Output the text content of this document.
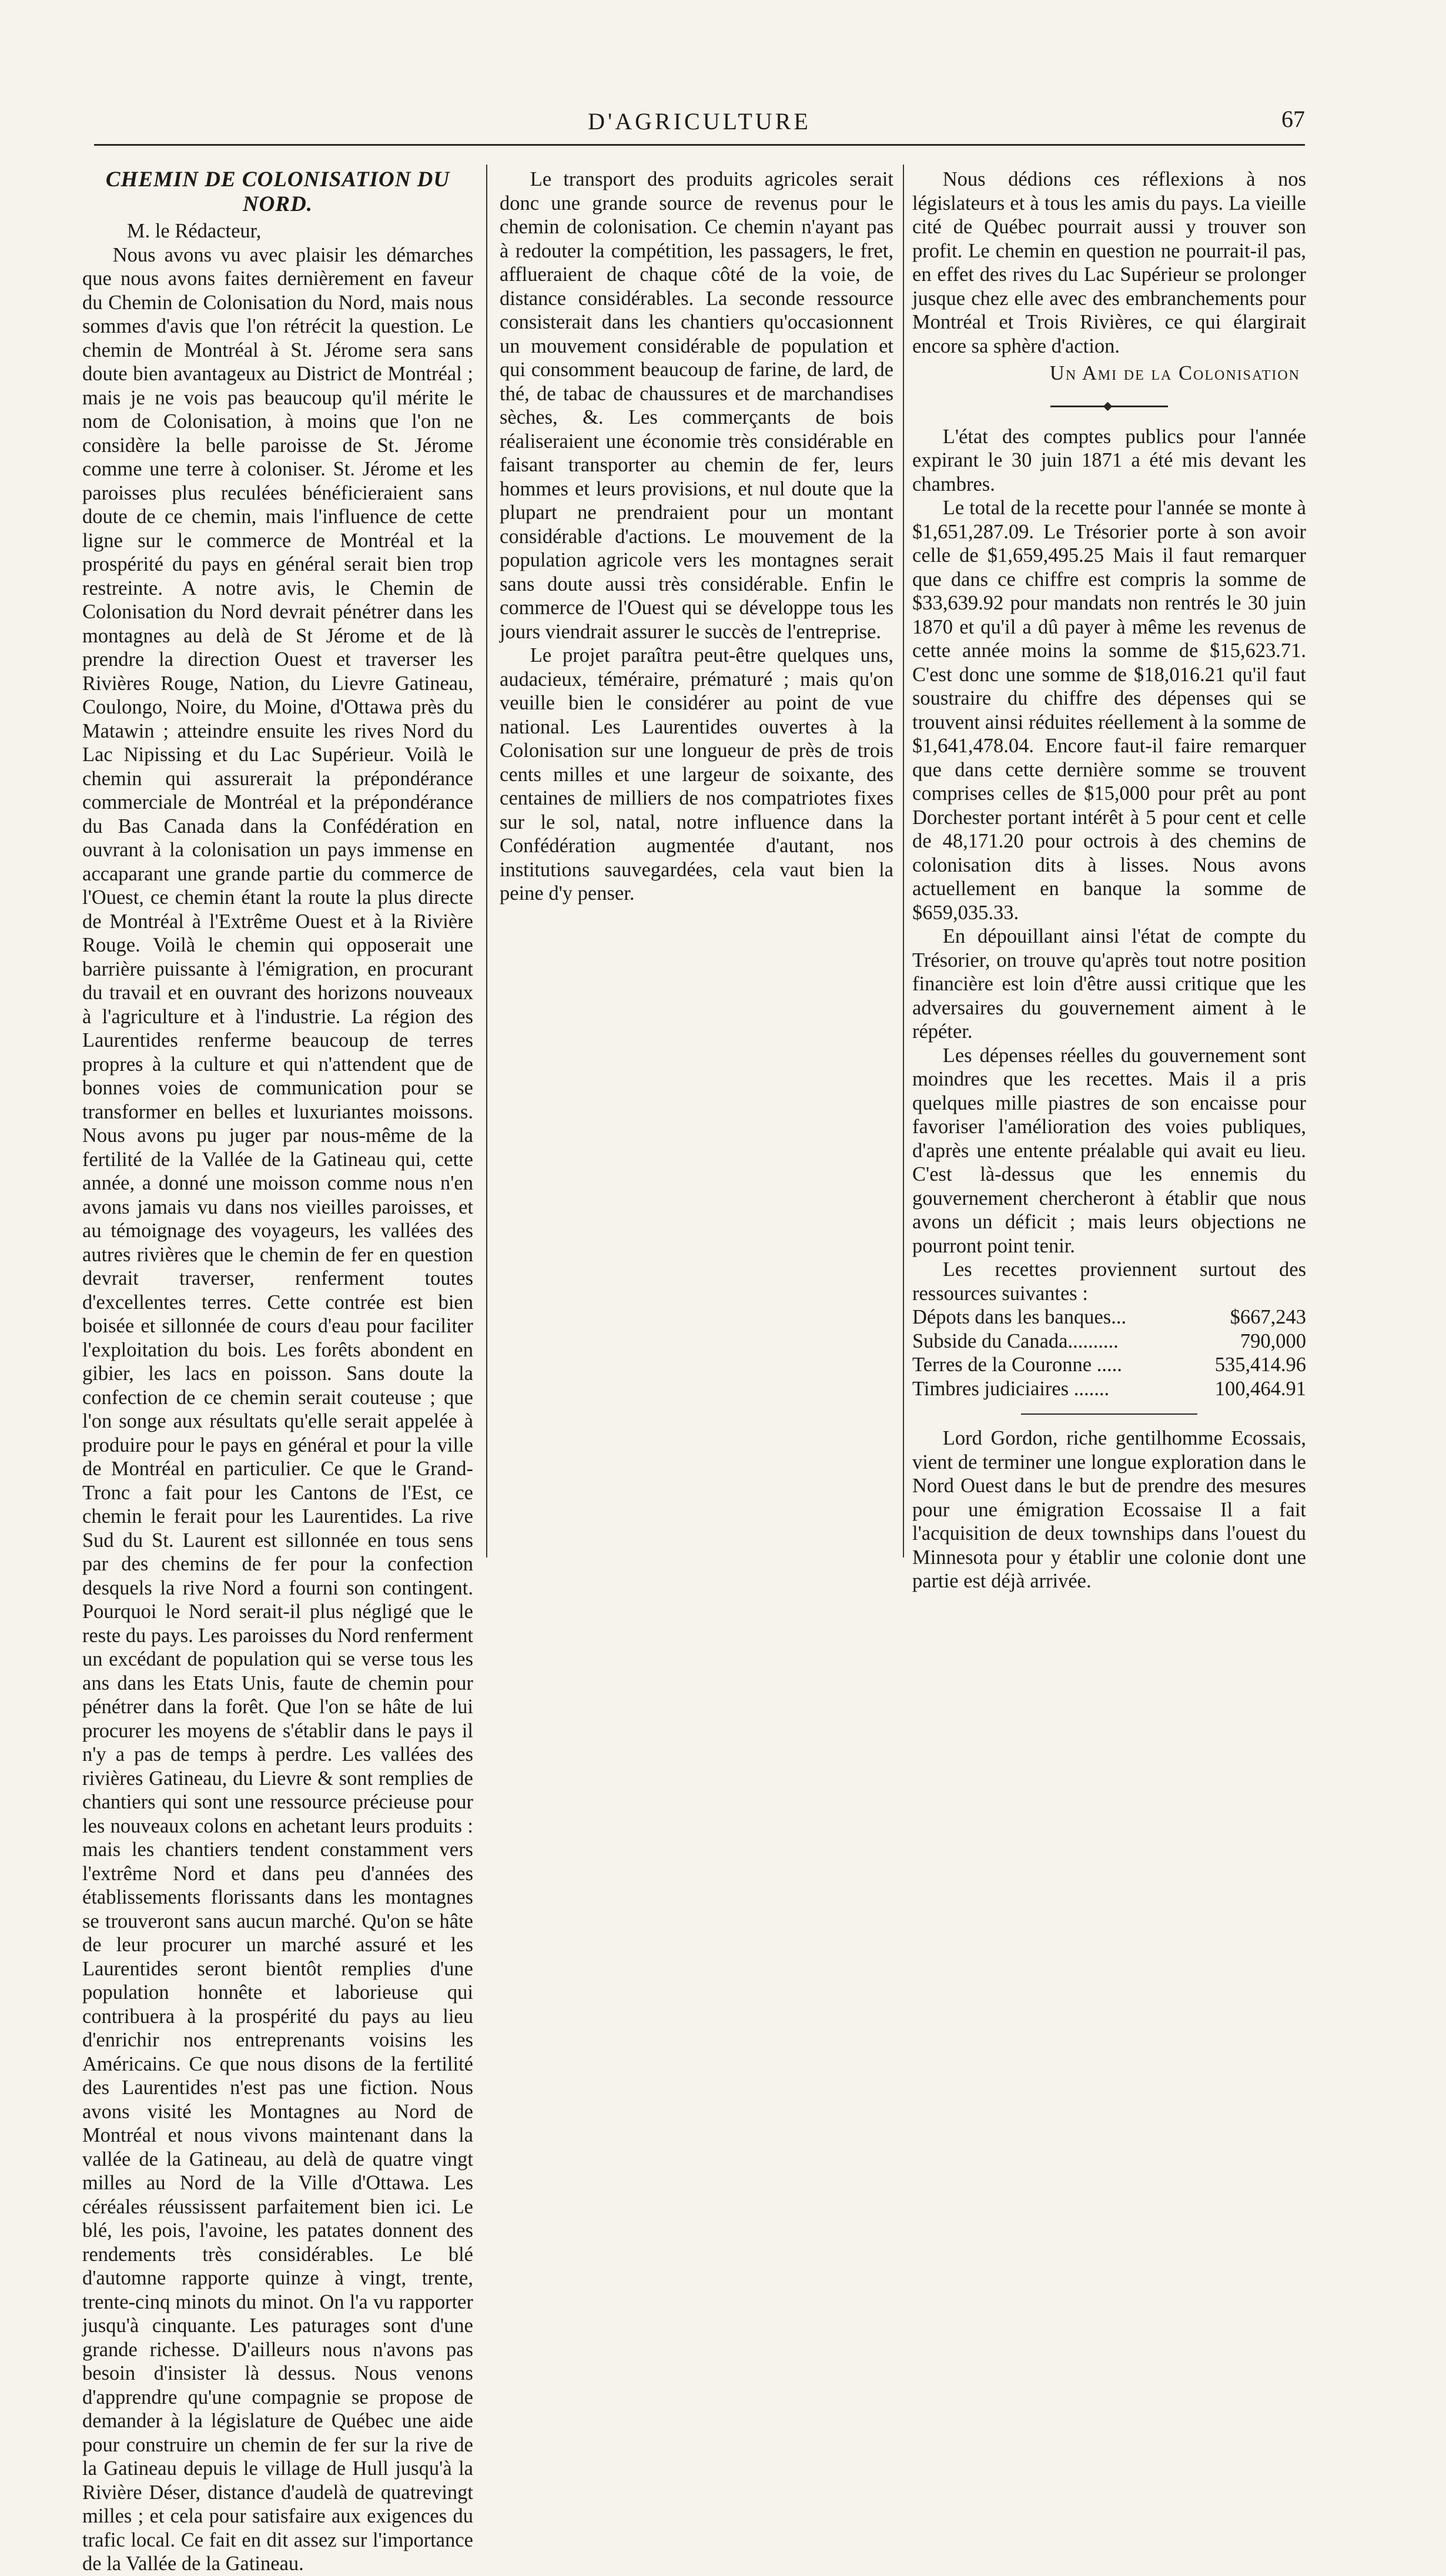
D'AGRICULTURE	67
CHEMIN DE COLONISATION DU NORD.

M. le Rédacteur,

Nous avons vu avec plaisir les démarches que nous avons faites dernièrement en faveur du Chemin de Colonisation du Nord, mais nous sommes d'avis que l'on rétrécit la question. Le chemin de Montréal à St. Jérome sera sans doute bien avantageux au District de Montréal ; mais je ne vois pas beaucoup qu'il mérite le nom de Colonisation, à moins que l'on ne considère la belle paroisse de St. Jérome comme une terre à coloniser. St. Jérome et les paroisses plus reculées bénéficieraient sans doute de ce chemin, mais l'influence de cette ligne sur le commerce de Montréal et la prospérité du pays en général serait bien trop restreinte. A notre avis, le Chemin de Colonisation du Nord devrait pénétrer dans les montagnes au delà de St Jérome et de là prendre la direction Ouest et traverser les Rivières Rouge, Nation, du Lievre Gatineau, Coulongo, Noire, du Moine, d'Ottawa près du Matawin ; atteindre ensuite les rives Nord du Lac Nipissing et du Lac Supérieur. Voilà le chemin qui assurerait la prépondérance commerciale de Montréal et la prépondérance du Bas Canada dans la Confédération en ouvrant à la colonisation un pays immense en accaparant une grande partie du commerce de l'Ouest, ce chemin étant la route la plus directe de Montréal à l'Extrême Ouest et à la Rivière Rouge. Voilà le chemin qui opposerait une barrière puissante à l'émigration, en procurant du travail et en ouvrant des horizons nouveaux à l'agriculture et à l'industrie. La région des Laurentides renferme beaucoup de terres propres à la culture et qui n'attendent que de bonnes voies de communication pour se transformer en belles et luxuriantes moissons. Nous avons pu juger par nous-même de la fertilité de la Vallée de la Gatineau qui, cette année, a donné une moisson comme nous n'en avons jamais vu dans nos vieilles paroisses, et au témoignage des voyageurs, les vallées des autres rivières que le chemin de fer en question devrait traverser, renferment toutes d'excellentes terres. Cette contrée est bien boisée et sillonnée de cours d'eau pour faciliter l'exploitation du bois. Les forêts abondent en gibier, les lacs en poisson. Sans doute la confection de ce chemin serait couteuse ; que l'on songe aux résultats qu'elle serait appelée à produire pour le pays en général et pour la ville de Montréal en particulier. Ce que le Grand-Tronc a fait pour les Cantons de l'Est, ce chemin le ferait pour les Laurentides. La rive Sud du St. Laurent est sillonnée en tous sens par des chemins de fer pour la confection desquels la rive Nord a fourni son contingent. Pourquoi le Nord serait-il plus négligé que le reste du pays. Les paroisses du Nord renferment un excédant de population qui se verse tous les ans dans les Etats Unis, faute de chemin pour pénétrer dans la forêt. Que l'on se hâte de lui procurer les moyens de s'établir dans le pays il n'y a pas de temps à perdre. Les vallées des rivières Gatineau, du Lievre & sont remplies de chantiers qui sont une ressource précieuse pour les nouveaux colons en achetant leurs produits : mais les chantiers tendent constamment vers l'extrême Nord et dans peu d'années des établissements florissants dans les montagnes se trouveront sans aucun marché. Qu'on se hâte de leur procurer un marché assuré et les Laurentides seront bientôt remplies d'une population honnête et laborieuse qui contribuera à la prospérité du pays au lieu d'enrichir nos entreprenants voisins les Américains. Ce que nous disons de la fertilité des Laurentides n'est pas une fiction. Nous avons visité les Montagnes au Nord de Montréal et nous vivons maintenant dans la vallée de la Gatineau, au delà de quatre vingt milles au Nord de la Ville d'Ottawa. Les céréales réussissent parfaitement bien ici. Le blé, les pois, l'avoine, les patates donnent des rendements très considérables. Le blé d'automne rapporte quinze à vingt, trente, trente-cinq minots du minot. On l'a vu rapporter jusqu'à cinquante. Les paturages sont d'une grande richesse. D'ailleurs nous n'avons pas besoin d'insister là dessus. Nous venons d'apprendre qu'une compagnie se propose de demander à la législature de Québec une aide pour construire un chemin de fer sur la rive de la Gatineau depuis le village de Hull jusqu'à la Rivière Déser, distance d'audelà de quatrevingt milles ; et cela pour satisfaire aux exigences du trafic local. Ce fait en dit assez sur l'importance de la Vallée de la Gatineau.

Le transport des produits agricoles serait donc une grande source de revenus pour le chemin de colonisation. Ce chemin n'ayant pas à redouter la compétition, les passagers, le fret, afflueraient de chaque côté de la voie, de distance considérables. La seconde ressource consisterait dans les chantiers qu'occasionnent un mouvement considérable de population et qui consomment beaucoup de farine, de lard, de thé, de tabac de chaussures et de marchandises sèches, &. Les commerçants de bois réaliseraient une économie très considérable en faisant transporter au chemin de fer, leurs hommes et leurs provisions, et nul doute que la plupart ne prendraient pour un montant considérable d'actions. Le mouvement de la population agricole vers les montagnes serait sans doute aussi très considérable. Enfin le commerce de l'Ouest qui se développe tous les jours viendrait assurer le succès de l'entreprise.

Le projet paraîtra peut-être quelques uns, audacieux, téméraire, prématuré ; mais qu'on veuille bien le considérer au point de vue national. Les Laurentides ouvertes à la Colonisation sur une longueur de près de trois cents milles et une largeur de soixante, des centaines de milliers de nos compatriotes fixes sur le sol, natal, notre influence dans la Confédération augmentée d'autant, nos institutions sauvegardées, cela vaut bien la peine d'y penser.

Nous dédions ces réflexions à nos législateurs et à tous les amis du pays. La vieille cité de Québec pourrait aussi y trouver son profit. Le chemin en question ne pourrait-il pas, en effet des rives du Lac Supérieur se prolonger jusque chez elle avec des embranchements pour Montréal et Trois Rivières, ce qui élargirait encore sa sphère d'action.

Un Ami de la Colonisation

L'état des comptes publics pour l'année expirant le 30 juin 1871 a été mis devant les chambres.

Le total de la recette pour l'année se monte à $1,651,287.09. Le Trésorier porte à son avoir celle de $1,659,495.25 Mais il faut remarquer que dans ce chiffre est compris la somme de $33,639.92 pour mandats non rentrés le 30 juin 1870 et qu'il a dû payer à même les revenus de cette année moins la somme de $15,623.71. C'est donc une somme de $18,016.21 qu'il faut soustraire du chiffre des dépenses qui se trouvent ainsi réduites réellement à la somme de $1,641,478.04. Encore faut-il faire remarquer que dans cette dernière somme se trouvent comprises celles de $15,000 pour prêt au pont Dorchester portant intérêt à 5 pour cent et celle de 48,171.20 pour octrois à des chemins de colonisation dits à lisses. Nous avons actuellement en banque la somme de $659,035.33.

En dépouillant ainsi l'état de compte du Trésorier, on trouve qu'après tout notre position financière est loin d'être aussi critique que les adversaires du gouvernement aiment à le répéter.

Les dépenses réelles du gouvernement sont moindres que les recettes. Mais il a pris quelques mille piastres de son encaisse pour favoriser l'amélioration des voies publiques, d'après une entente préalable qui avait eu lieu. C'est là-dessus que les ennemis du gouvernement chercheront à établir que nous avons un déficit ; mais leurs objections ne pourront point tenir.

Les recettes proviennent surtout des ressources suivantes :

Dépots dans les banques...	$667,243
Subside du Canada..........	790,000
Terres de la Couronne .....	535,414.96
Timbres judiciaires .......	100,464.91

Lord Gordon, riche gentilhomme Ecossais, vient de terminer une longue exploration dans le Nord Ouest dans le but de prendre des mesures pour une émigration Ecossaise Il a fait l'acquisition de deux townships dans l'ouest du Minnesota pour y établir une colonie dont une partie est déjà arrivée.
